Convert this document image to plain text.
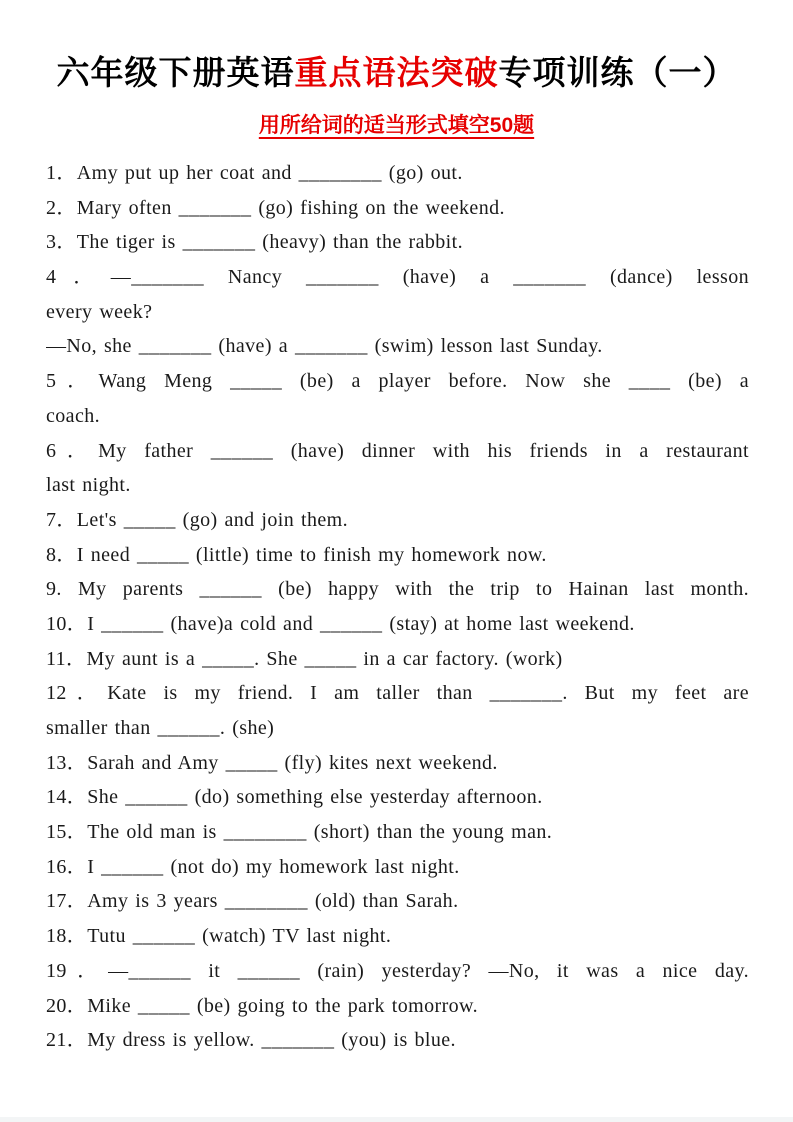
六年级下册英语重点语法突破专项训练（一）
用所给词的适当形式填空50题
1．Amy put up her coat and ________ (go) out.
2．Mary often _______ (go) fishing on the weekend.
3．The tiger is _______ (heavy) than the rabbit.
4．—_______ Nancy _______ (have) a _______ (dance) lesson
every week?
—No, she _______ (have) a _______ (swim) lesson last Sunday.
5．Wang Meng _____ (be) a player before. Now she ____ (be) a
coach.
6．My father ______ (have) dinner with his friends in a restaurant
last night.
7．Let's _____ (go) and join them.
8．I need _____ (little) time to finish my homework now.
9. My parents ______ (be) happy with the trip to Hainan last month.
10．I ______ (have)a cold and ______ (stay) at home last weekend.
11．My aunt is a _____. She _____ in a car factory. (work)
12．Kate is my friend. I am taller than _______. But my feet are
smaller than ______. (she)
13．Sarah and Amy _____ (fly) kites next weekend.
14．She ______ (do) something else yesterday afternoon.
15．The old man is ________ (short) than the young man.
16．I ______ (not do) my homework last night.
17．Amy is 3 years ________ (old) than Sarah.
18．Tutu ______ (watch) TV last night.
19．—______ it ______ (rain) yesterday? —No, it was a nice day.
20．Mike _____ (be) going to the park tomorrow.
21．My dress is yellow. _______ (you) is blue.
